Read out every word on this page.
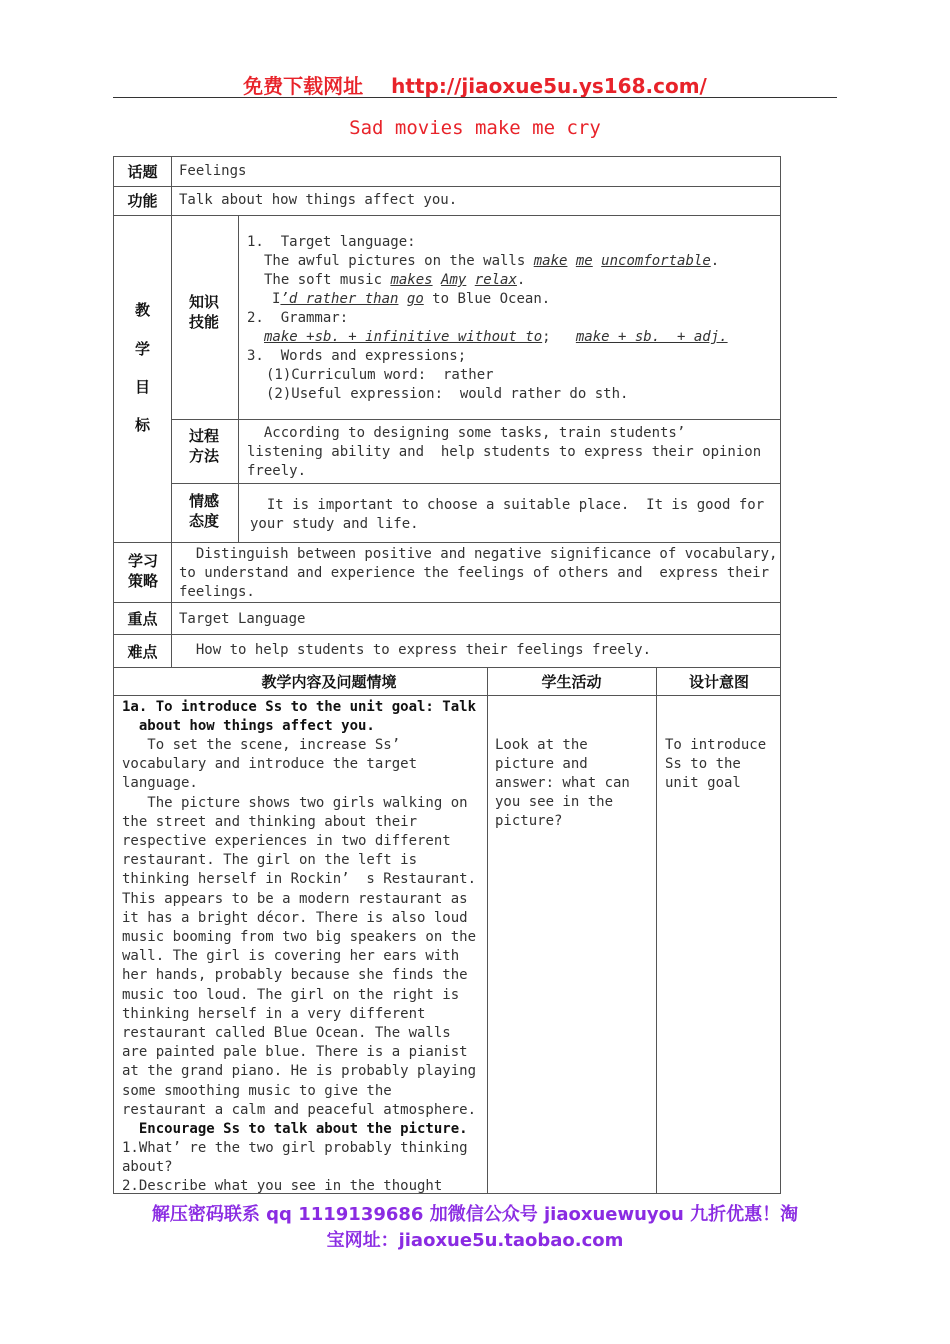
免费下载网址 http://jiaoxue5u.ys168.com/
Sad movies make me cry
话题
功能
教
学
目
标
知识技能
过程方法
情感态度
学习策略
重点
难点
教学内容及问题情境	学生活动	设计意图
Feelings
Talk about how things affect you.
1.  Target language:
The awful pictures on the walls make me uncomfortable.
The soft music makes Amy relax.
I’d rather than go to Blue Ocean.
2.  Grammar:
make +sb. + infinitive without to;   make + sb.  + adj.
3.  Words and expressions;
(1)Curriculum word:  rather
(2)Useful expression:  would rather do sth.
According to designing some tasks, train students’
listening ability and  help students to express their opinion
freely.
It is important to choose a suitable place.  It is good for
your study and life.
Distinguish between positive and negative significance of vocabulary,
to understand and experience the feelings of others and  express their
feelings.
Target Language
How to help students to express their feelings freely.
1a. To introduce Ss to the unit goal: Talk
about how things affect you.
To set the scene, increase Ss’
vocabulary and introduce the target
language.
The picture shows two girls walking on
the street and thinking about their
respective experiences in two different
restaurant. The girl on the left is
thinking herself in Rockin’  s Restaurant.
This appears to be a modern restaurant as
it has a bright décor. There is also loud
music booming from two big speakers on the
wall. The girl is covering her ears with
her hands, probably because she finds the
music too loud. The girl on the right is
thinking herself in a very different
restaurant called Blue Ocean. The walls
are painted pale blue. There is a pianist
at the grand piano. He is probably playing
some smoothing music to give the
restaurant a calm and peaceful atmosphere.
Encourage Ss to talk about the picture.
1.What’ re the two girl probably thinking
about?
2.Describe what you see in the thought
Look at the
picture and
answer: what can
you see in the
picture?
To introduce
Ss to the
unit goal
解压密码联系 qq 1119139686 加微信公众号 jiaoxuewuyou 九折优惠！淘
宝网址：jiaoxue5u.taobao.com
